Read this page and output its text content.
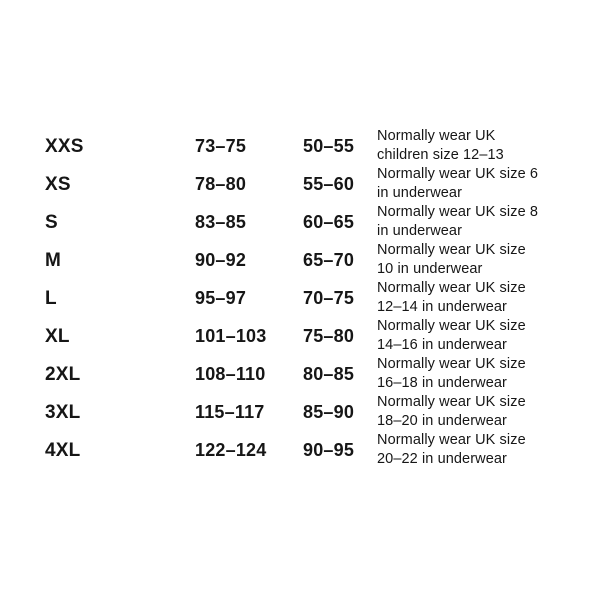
XXS	73–75	50–55	Normally wear UK
children size 12–13
XS	78–80	55–60	Normally wear UK size 6
in underwear
S	83–85	60–65	Normally wear UK size 8
in underwear
M	90–92	65–70	Normally wear UK size
10 in underwear
L	95–97	70–75	Normally wear UK size
12–14 in underwear
XL	101–103	75–80	Normally wear UK size
14–16 in underwear
2XL	108–110	80–85	Normally wear UK size
16–18 in underwear
3XL	115–117	85–90	Normally wear UK size
18–20 in underwear
4XL	122–124	90–95	Normally wear UK size
20–22 in underwear
